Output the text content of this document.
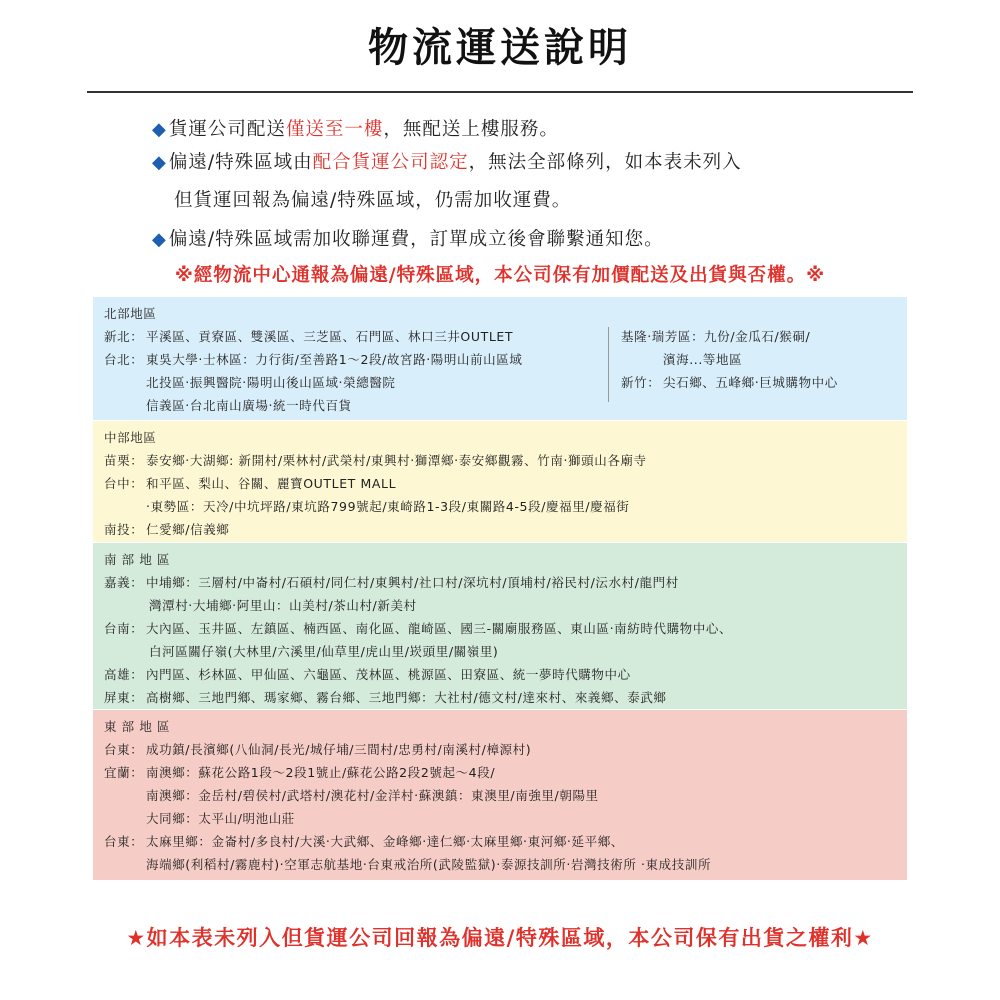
物流運送說明
◆ 貨運公司配送僅送至一樓，無配送上樓服務。
◆ 偏遠/特殊區域由配合貨運公司認定，無法全部條列，如本表未列入
但貨運回報為偏遠/特殊區域，仍需加收運費。
◆ 偏遠/特殊區域需加收聯運費，訂單成立後會聯繫通知您。
※經物流中心通報為偏遠/特殊區域，本公司保有加價配送及出貨與否權。※
北部地區
新北： 平溪區、貢寮區、雙溪區、三芝區、石門區、林口三井OUTLET
台北： 東吳大學‧士林區：力行街/至善路1～2段/故宮路‧陽明山前山區域
北投區‧振興醫院‧陽明山後山區域‧榮總醫院
信義區‧台北南山廣場‧統一時代百貨
基隆‧瑞芳區：九份/金瓜石/猴硐/
濱海...等地區
新竹： 尖石鄉、五峰鄉‧巨城購物中心
中部地區
苗栗： 泰安鄉‧大湖鄉: 新開村/栗林村/武榮村/東興村‧獅潭鄉‧泰安鄉觀霧、竹南‧獅頭山各廟寺
台中： 和平區、梨山、谷關、麗寶OUTLET MALL
‧東勢區：天冷/中坑坪路/東坑路799號起/東崎路1-3段/東關路4-5段/慶福里/慶福街
南投： 仁愛鄉/信義鄉
南 部 地 區
嘉義： 中埔鄉：三層村/中崙村/石碩村/同仁村/東興村/社口村/深坑村/頂埔村/裕民村/沄水村/龍門村
灣潭村‧大埔鄉‧阿里山：山美村/茶山村/新美村
台南： 大內區、玉井區、左鎮區、楠西區、南化區、龍崎區、國三-關廟服務區、東山區‧南紡時代購物中心、
白河區關仔嶺(大林里/六溪里/仙草里/虎山里/崁頭里/關嶺里)
高雄： 內門區、杉林區、甲仙區、六龜區、茂林區、桃源區、田寮區、統一夢時代購物中心
屏東： 高樹鄉、三地門鄉、瑪家鄉、霧台鄉、三地門鄉：大社村/德文村/達來村、來義鄉、泰武鄉
東 部 地 區
台東： 成功鎮/長濱鄉(八仙洞/長光/城仔埔/三間村/忠勇村/南溪村/樟源村)
宜蘭： 南澳鄉：蘇花公路1段～2段1號止/蘇花公路2段2號起～4段/
南澳鄉：金岳村/碧侯村/武塔村/澳花村/金洋村‧蘇澳鎮：東澳里/南強里/朝陽里
大同鄉：太平山/明池山莊
台東： 太麻里鄉：金崙村/多良村/大溪‧大武鄉、金峰鄉‧達仁鄉‧太麻里鄉‧東河鄉‧延平鄉、
海端鄉(利稻村/霧鹿村)‧空軍志航基地‧台東戒治所(武陵監獄)‧泰源技訓所‧岩灣技術所 ‧東成技訓所
★如本表未列入但貨運公司回報為偏遠/特殊區域，本公司保有出貨之權利★
